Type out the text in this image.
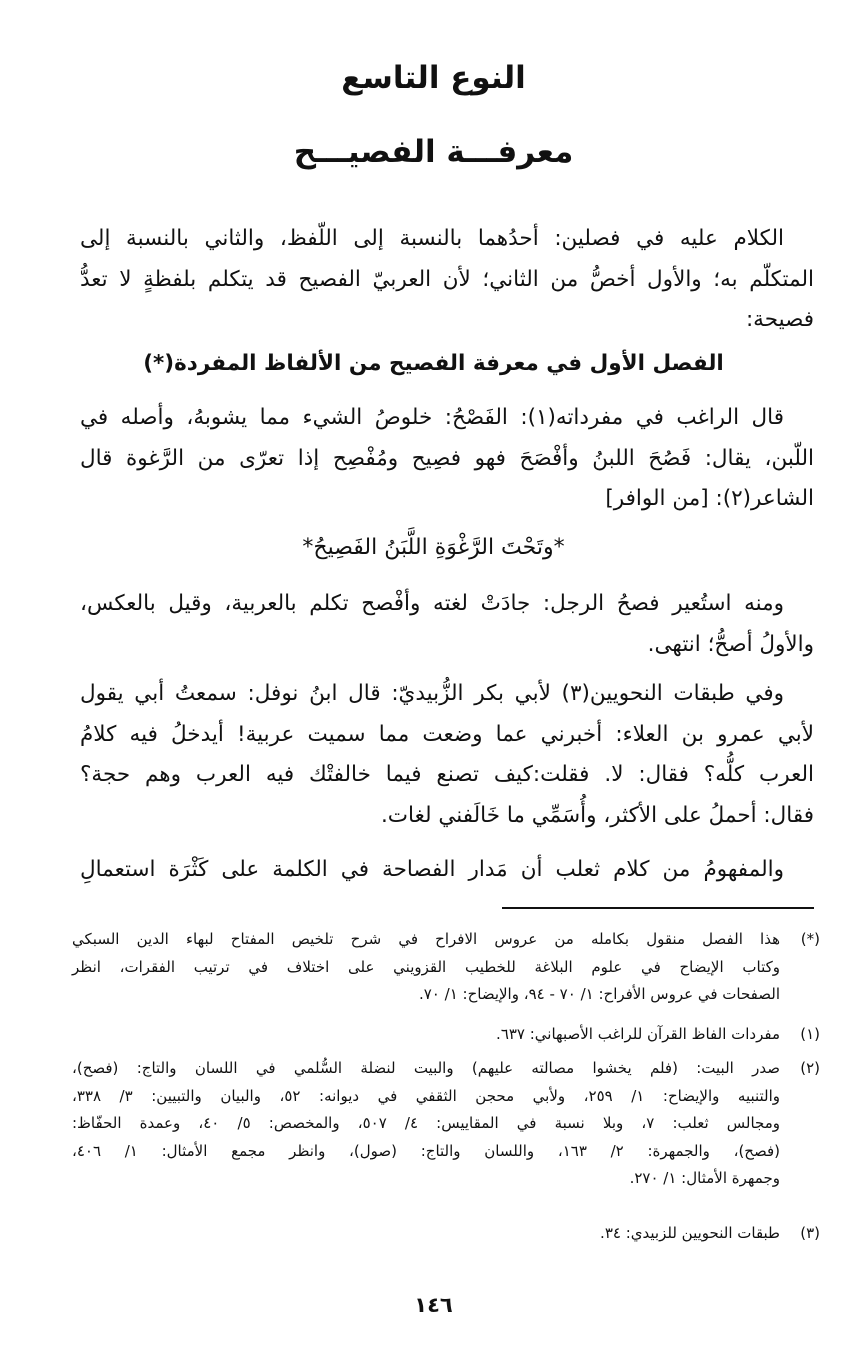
النوع التاسع
معرفـــة الفصيـــح
الكلام عليه في فصلين: أحدُهما بالنسبة إلى اللّفظ، والثاني بالنسبة إلى
المتكلّم به؛ والأول أخصُّ من الثاني؛ لأن العربيّ الفصيح قد يتكلم بلفظةٍ لا تعدُّ
فصيحة:
الفصل الأول في معرفة الفصيح من الألفاظ المفردة(*)
قال الراغب في مفرداته(١): الفَصْحُ: خلوصُ الشيء مما يشوبهُ، وأصله في
اللّبن، يقال: فَصُحَ اللبنُ وأفْصَحَ فهو فصِيح ومُفْصِح إذا تعرّى من الرَّغوة قال
الشاعر(٢): [من الوافر]
*وتَحْتَ الرَّغْوَةِ اللَّبَنُ الفَصِيحُ*
ومنه استُعير فصحُ الرجل: جادَتْ لغته وأفْصح تكلم بالعربية، وقيل بالعكس،
والأولُ أصحُّ؛ انتهى.
وفي طبقات النحويين(٣) لأبي بكر الزُّبيديّ: قال ابنُ نوفل: سمعتُ أبي يقول
لأبي عمرو بن العلاء: أخبرني عما وضعت مما سميت عربية! أيدخلُ فيه كلامُ
العرب كلُّه؟ فقال: لا. فقلت:كيف تصنع فيما خالفتْك فيه العرب وهم حجة؟
فقال: أحملُ على الأكثر، وأُسَمِّي ما خَالَفني لغات.
والمفهومُ من كلام ثعلب أن مَدار الفصاحة في الكلمة على كَثْرَة استعمالِ
(*)
هذا الفصل منقول بكامله من عروس الافراح في شرح تلخيص المفتاح لبهاء الدين السبكي
وكتاب الإيضاح في علوم البلاغة للخطيب القزويني على اختلاف في ترتيب الفقرات، انظر
الصفحات في عروس الأفراح: ١/ ٧٠ - ٩٤، والإيضاح: ١/ ٧٠.
(١)
مفردات الفاظ القرآن للراغب الأصبهاني: ٦٣٧.
(٢)
صدر البيت: (فلم يخشوا مصالته عليهم) والبيت لنضلة السُّلمي في اللسان والتاج: (فصح)،
والتنبيه والإيضاح: ١/ ٢٥٩، ولأبي محجن الثقفي في ديوانه: ٥٢، والبيان والتبيين: ٣/ ٣٣٨،
ومجالس ثعلب: ٧، وبلا نسبة في المقاييس: ٤/ ٥٠٧، والمخصص: ٥/ ٤٠، وعمدة الحفّاظ:
(فصح)، والجمهرة: ٢/ ١٦٣، واللسان والتاج: (صول)، وانظر مجمع الأمثال: ١/ ٤٠٦،
وجمهرة الأمثال: ١/ ٢٧٠.
(٣)
طبقات النحويين للزبيدي: ٣٤.
١٤٦
